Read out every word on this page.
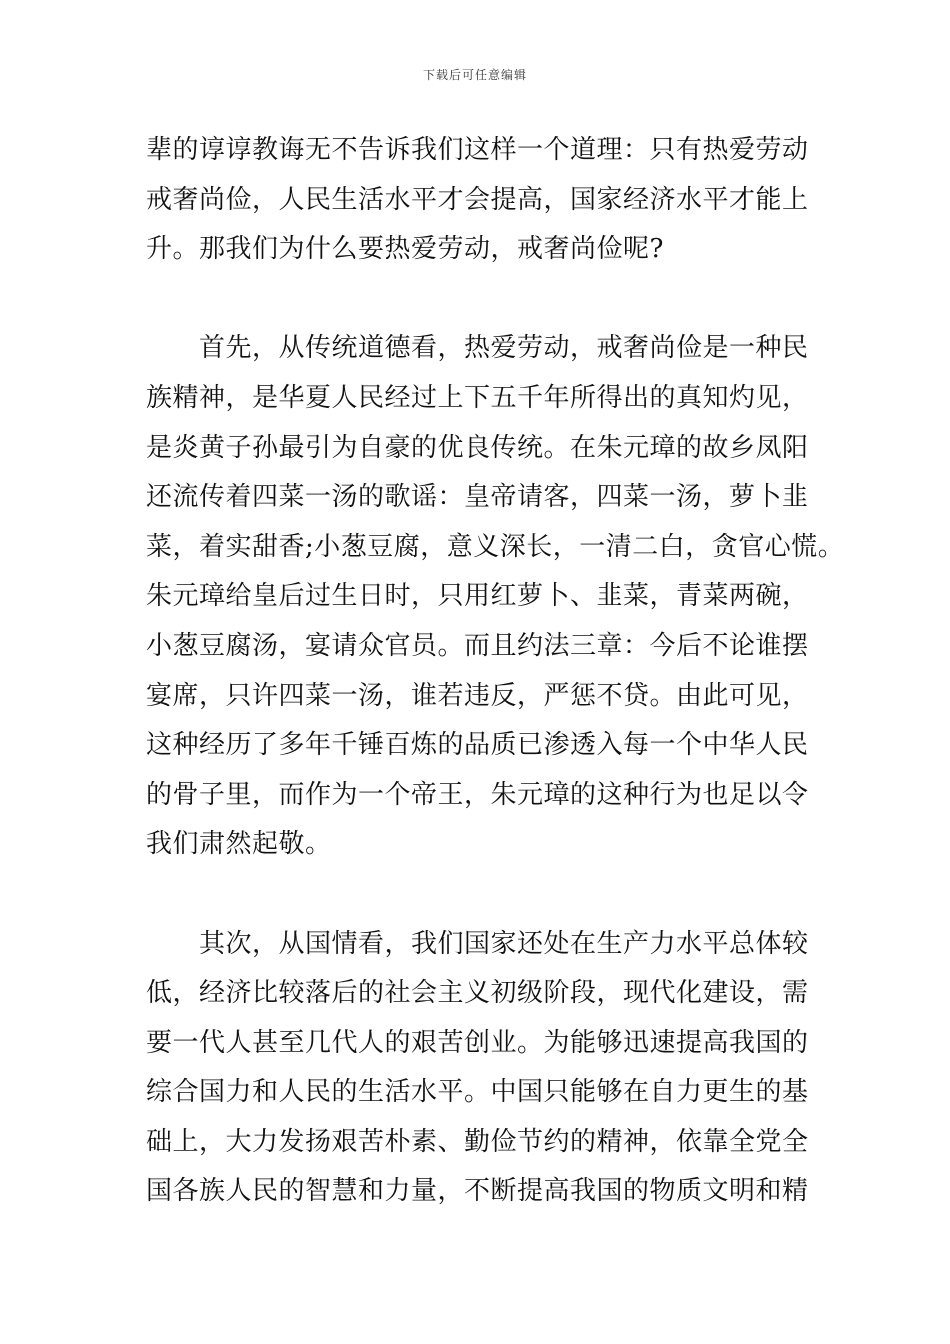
下载后可任意编辑
辈的谆谆教诲无不告诉我们这样一个道理：只有热爱劳动
戒奢尚俭，人民生活水平才会提高，国家经济水平才能上
升。那我们为什么要热爱劳动，戒奢尚俭呢?
　　首先，从传统道德看，热爱劳动，戒奢尚俭是一种民
族精神，是华夏人民经过上下五千年所得出的真知灼见，
是炎黄子孙最引为自豪的优良传统。在朱元璋的故乡凤阳
还流传着四菜一汤的歌谣：皇帝请客，四菜一汤，萝卜韭
菜，着实甜香;小葱豆腐，意义深长，一清二白，贪官心慌。
朱元璋给皇后过生日时，只用红萝卜、韭菜，青菜两碗，
小葱豆腐汤，宴请众官员。而且约法三章：今后不论谁摆
宴席，只许四菜一汤，谁若违反，严惩不贷。由此可见，
这种经历了多年千锤百炼的品质已渗透入每一个中华人民
的骨子里，而作为一个帝王，朱元璋的这种行为也足以令
我们肃然起敬。
　　其次，从国情看，我们国家还处在生产力水平总体较
低，经济比较落后的社会主义初级阶段，现代化建设，需
要一代人甚至几代人的艰苦创业。为能够迅速提高我国的
综合国力和人民的生活水平。中国只能够在自力更生的基
础上，大力发扬艰苦朴素、勤俭节约的精神，依靠全党全
国各族人民的智慧和力量，不断提高我国的物质文明和精
